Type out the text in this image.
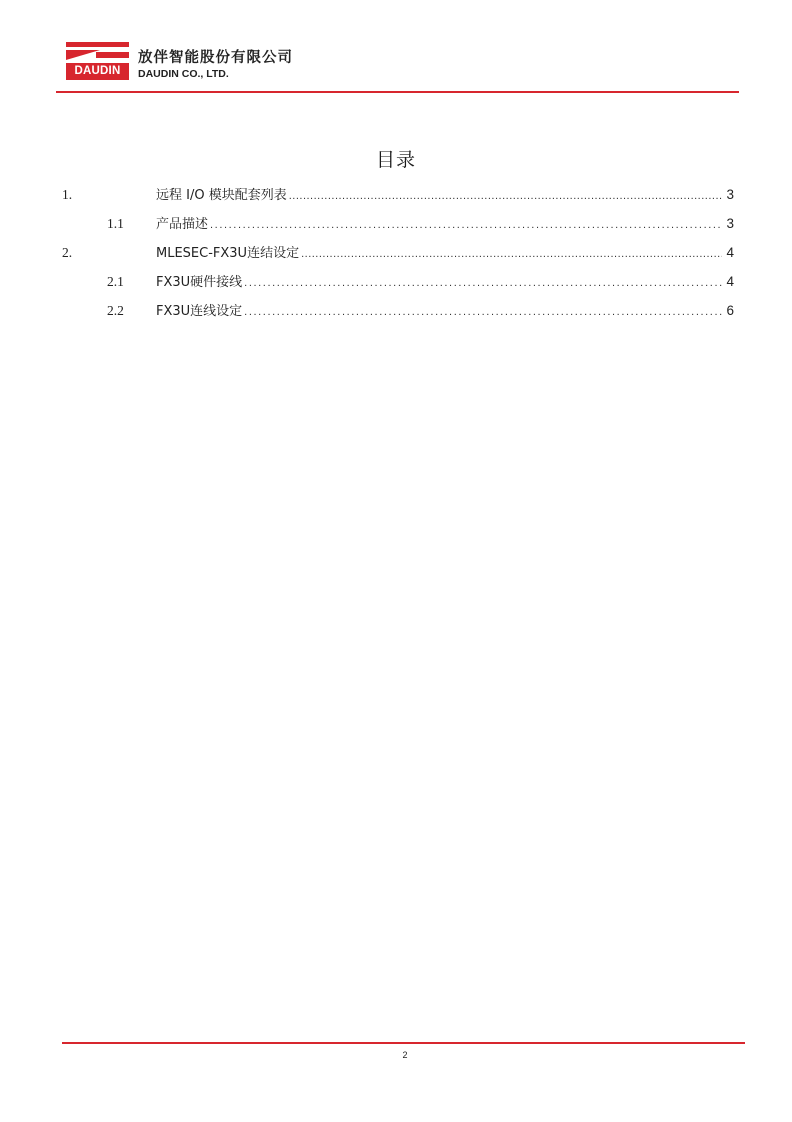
DAUDIN
放伴智能股份有限公司
DAUDIN CO., LTD.
目录
1.	远程 I/O 模块配套列表 .....	3
1.1	产品描述 .....	3
2.	MLESEC-FX3U连结设定 .....	4
2.1	FX3U硬件接线 .....	4
2.2	FX3U连线设定 .....	6
2
